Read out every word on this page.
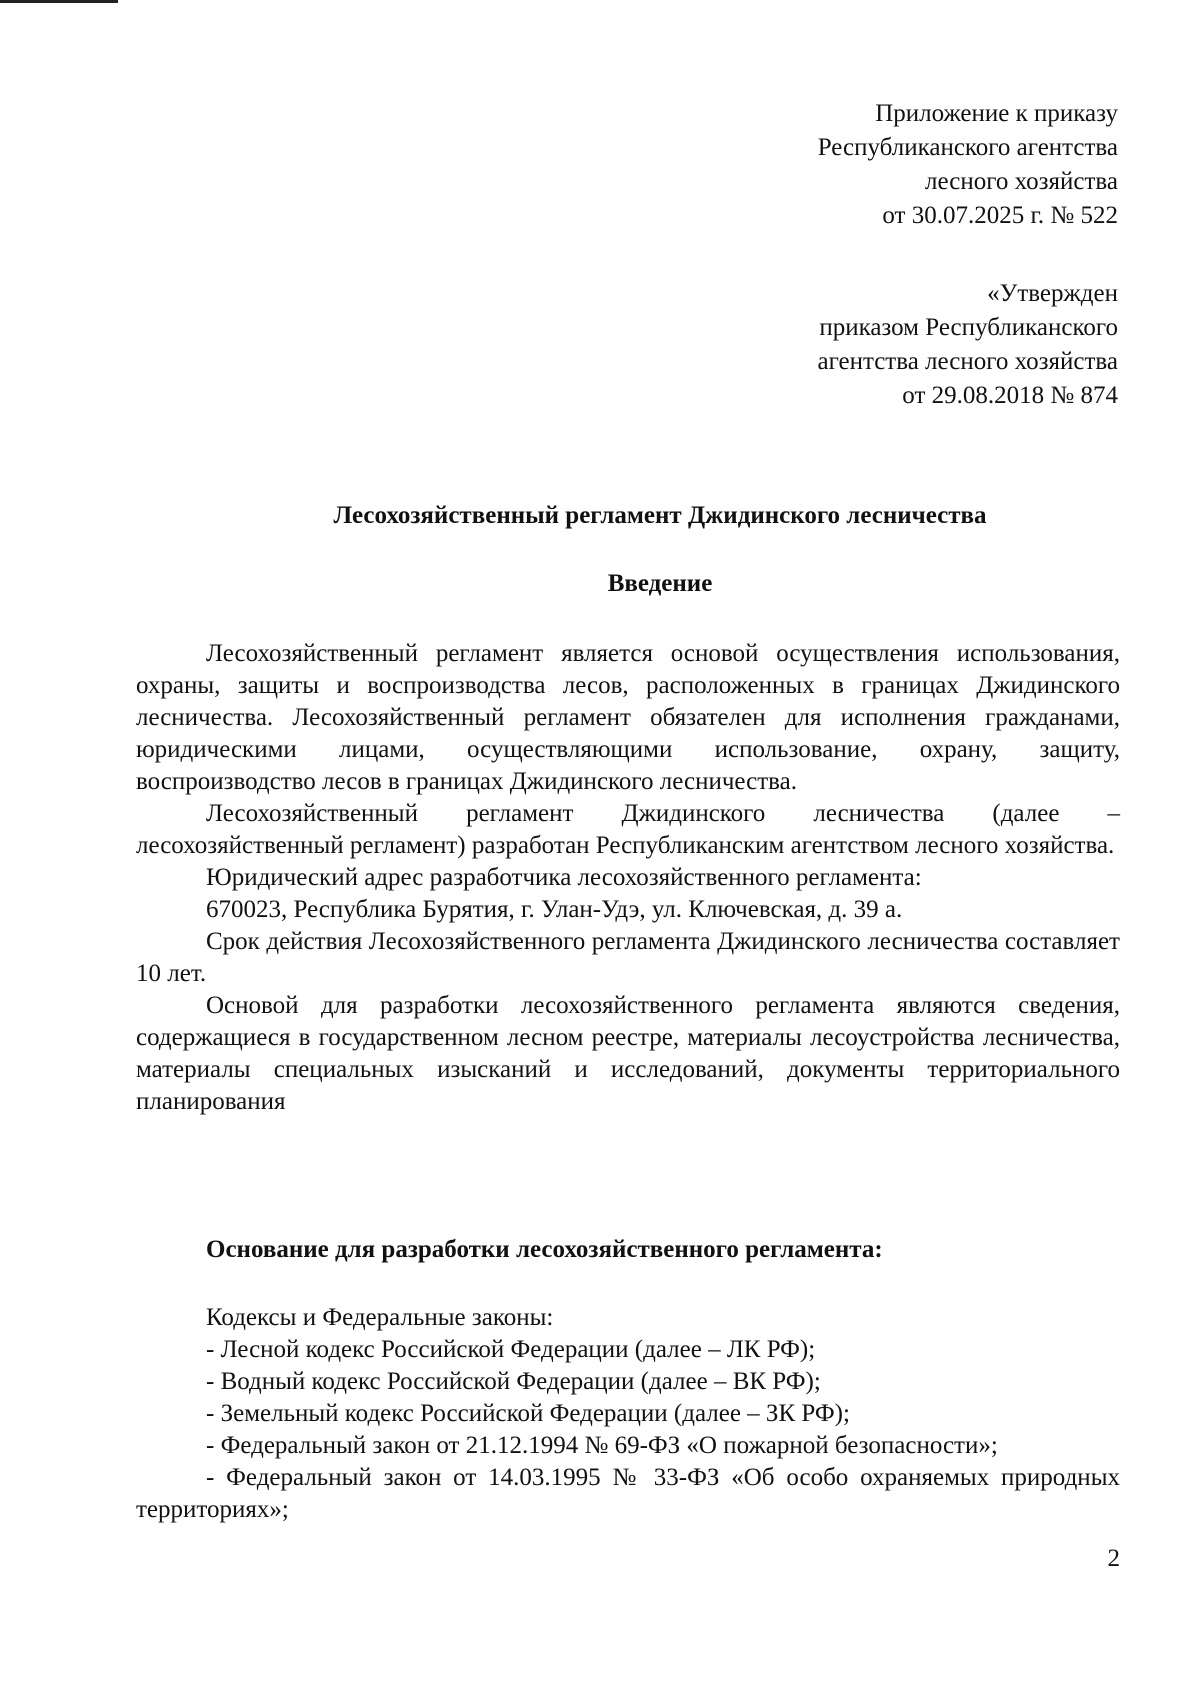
Приложение к приказу
Республиканского агентства
лесного хозяйства
от 30.07.2025 г. № 522
«Утвержден
приказом Республиканского
агентства лесного хозяйства
от 29.08.2018 № 874
Лесохозяйственный регламент Джидинского лесничества
Введение

Лесохозяйственный регламент является основой осуществления использования, охраны, защиты и воспроизводства лесов, расположенных в границах Джидинского лесничества. Лесохозяйственный регламент обязателен для исполнения гражданами, юридическими лицами, осуществляющими использование, охрану, защиту, воспроизводство лесов в границах Джидинского лесничества.

Лесохозяйственный регламент Джидинского лесничества (далее – лесохозяйственный регламент) разработан Республиканским агентством лесного хозяйства.

Юридический адрес разработчика лесохозяйственного регламента:

670023, Республика Бурятия, г. Улан-Удэ, ул. Ключевская, д. 39 а.

Срок действия Лесохозяйственного регламента Джидинского лесничества составляет 10 лет.

Основой для разработки лесохозяйственного регламента являются сведения, содержащиеся в государственном лесном реестре, материалы лесоустройства лесничества, материалы специальных изысканий и исследований, документы территориального планирования

Основание для разработки лесохозяйственного регламента:

Кодексы и Федеральные законы:

- Лесной кодекс Российской Федерации (далее – ЛК РФ);

- Водный кодекс Российской Федерации (далее – ВК РФ);

- Земельный кодекс Российской Федерации (далее – ЗК РФ);

- Федеральный закон от 21.12.1994 № 69-ФЗ «О пожарной безопасности»;

- Федеральный закон от 14.03.1995 № 33-ФЗ «Об особо охраняемых природных территориях»;

2
